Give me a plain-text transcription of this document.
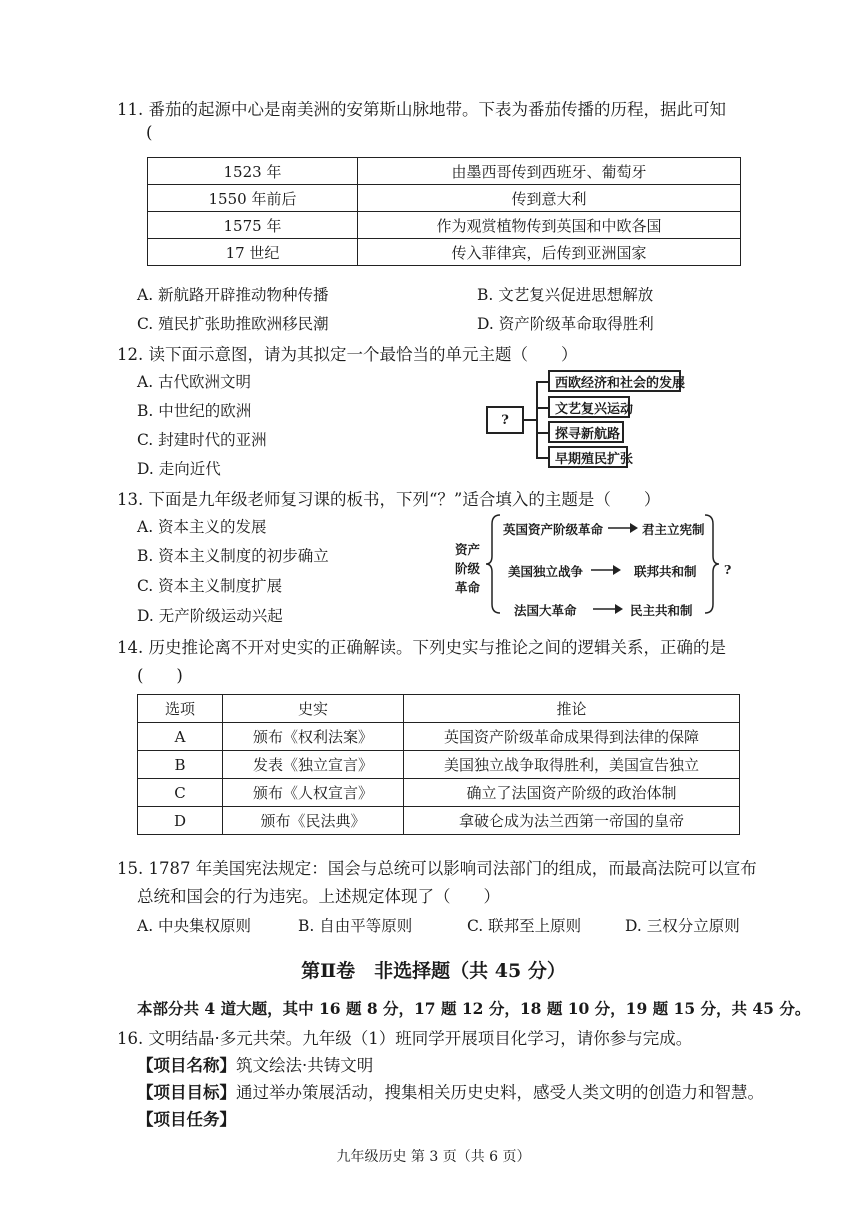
11. 番茄的起源中心是南美洲的安第斯山脉地带。下表为番茄传播的历程，据此可知
(
1523 年	由墨西哥传到西班牙、葡萄牙
1550 年前后	传到意大利
1575 年	作为观赏植物传到英国和中欧各国
17 世纪	传入菲律宾，后传到亚洲国家
A. 新航路开辟推动物种传播	B. 文艺复兴促进思想解放
C. 殖民扩张助推欧洲移民潮	D. 资产阶级革命取得胜利
12. 读下面示意图，请为其拟定一个最恰当的单元主题（　　）
A. 古代欧洲文明
B. 中世纪的欧洲
C. 封建时代的亚洲
D. 走向近代
?
西欧经济和社会的发展
文艺复兴运动
探寻新航路
早期殖民扩张
13. 下面是九年级老师复习课的板书，下列“？”适合填入的主题是（　　）
A. 资本主义的发展
B. 资本主义制度的初步确立
C. 资本主义制度扩展
D. 无产阶级运动兴起
资产
阶级
革命
英国资产阶级革命	君主立宪制
美国独立战争	联邦共和制
法国大革命	民主共和制
?
14. 历史推论离不开对史实的正确解读。下列史实与推论之间的逻辑关系，正确的是
(　　)
选项	史实	推论
A	颁布《权利法案》	英国资产阶级革命成果得到法律的保障
B	发表《独立宣言》	美国独立战争取得胜利，美国宣告独立
C	颁布《人权宣言》	确立了法国资产阶级的政治体制
D	颁布《民法典》	拿破仑成为法兰西第一帝国的皇帝
15. 1787 年美国宪法规定：国会与总统可以影响司法部门的组成，而最高法院可以宣布
总统和国会的行为违宪。上述规定体现了（　　）
A. 中央集权原则	B. 自由平等原则	C. 联邦至上原则	D. 三权分立原则
第Ⅱ卷　非选择题（共 45 分）
本部分共 4 道大题，其中 16 题 8 分，17 题 12 分，18 题 10 分，19 题 15 分，共 45 分。
16. 文明结晶·多元共荣。九年级（1）班同学开展项目化学习，请你参与完成。
【项目名称】筑文绘法·共铸文明
【项目目标】通过举办策展活动，搜集相关历史史料，感受人类文明的创造力和智慧。
【项目任务】
九年级历史 第 3 页（共 6 页）
